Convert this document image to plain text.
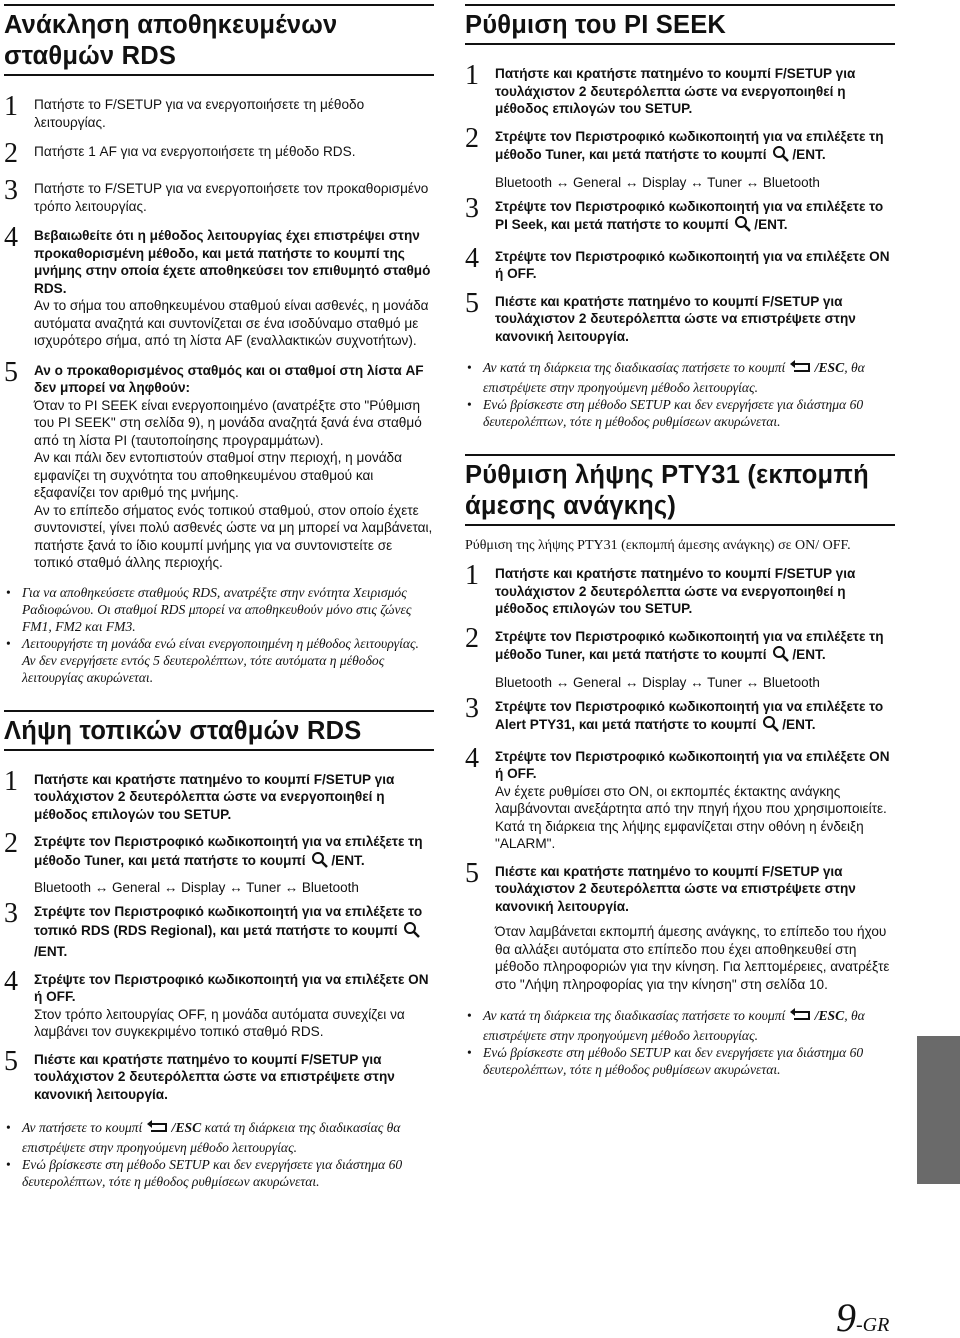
Ανάκληση αποθηκευμένων
σταθμών RDS
1	Πατήστε το F/SETUP για να ενεργοποιήσετε τη μέθοδο λειτουργίας.
2	Πατήστε 1 AF για να ενεργοποιήσετε τη μέθοδο RDS.
3	Πατήστε το F/SETUP για να ενεργοποιήσετε τον προκαθορισμένο τρόπο λειτουργίας.
4	Βεβαιωθείτε ότι η μέθοδος λειτουργίας έχει επιστρέψει στην προκαθορισμένη μέθοδο, και μετά πατήστε το κουμπί της μνήμης στην οποία έχετε αποθηκεύσει τον επιθυμητό σταθμό RDS.
Αν το σήμα του αποθηκευμένου σταθμού είναι ασθενές, η μονάδα αυτόματα αναζητά και συντονίζεται σε ένα ισοδύναμο σταθμό με ισχυρότερο σήμα, από τη λίστα AF (εναλλακτικών συχνοτήτων).
5	Αν ο προκαθορισμένος σταθμός και οι σταθμοί στη λίστα AF δεν μπορεί να ληφθούν:
Όταν το PI SEEK είναι ενεργοποιημένο (ανατρέξτε στο "Ρύθμιση του PI SEEK" στη σελίδα 9), η μονάδα αναζητά ξανά ένα σταθμό από τη λίστα PI (ταυτοποίησης προγραμμάτων).
Αν και πάλι δεν εντοπιστούν σταθμοί στην περιοχή, η μονάδα εμφανίζει τη συχνότητα του αποθηκευμένου σταθμού και εξαφανίζει τον αριθμό της μνήμης.
Αν το επίπεδο σήματος ενός τοπικού σταθμού, στον οποίο έχετε συντονιστεί, γίνει πολύ ασθενές ώστε να μη μπορεί να λαμβάνεται, πατήστε ξανά το ίδιο κουμπί μνήμης για να συντονιστείτε σε τοπικό σταθμό άλλης περιοχής.
• Για να αποθηκεύσετε σταθμούς RDS, ανατρέξτε στην ενότητα Χειρισμός Ραδιοφώνου. Οι σταθμοί RDS μπορεί να αποθηκευθούν μόνο στις ζώνες FM1, FM2 και FM3.
• Λειτουργήστε τη μονάδα ενώ είναι ενεργοποιημένη η μέθοδος λειτουργίας. Αν δεν ενεργήσετε εντός 5 δευτερολέπτων, τότε αυτόματα η μέθοδος λειτουργίας ακυρώνεται.
Λήψη τοπικών σταθμών RDS
1	Πατήστε και κρατήστε πατημένο το κουμπί F/SETUP για τουλάχιστον 2 δευτερόλεπτα ώστε να ενεργοποιηθεί η μέθοδος επιλογών του SETUP.
2	Στρέψτε τον Περιστροφικό κωδικοποιητή για να επιλέξετε τη μέθοδο Tuner, και μετά πατήστε το κουμπί /ENT.
Bluetooth ↔ General ↔ Display ↔ Tuner ↔ Bluetooth
3	Στρέψτε τον Περιστροφικό κωδικοποιητή για να επιλέξετε το τοπικό RDS (RDS Regional), και μετά πατήστε το κουμπί /ENT.
4	Στρέψτε τον Περιστροφικό κωδικοποιητή για να επιλέξετε ON ή OFF.
Στον τρόπο λειτουργίας OFF, η μονάδα αυτόματα συνεχίζει να λαμβάνει τον συγκεκριμένο τοπικό σταθμό RDS.
5	Πιέστε και κρατήστε πατημένο το κουμπί F/SETUP για τουλάχιστον 2 δευτερόλεπτα ώστε να επιστρέψετε στην κανονική λειτουργία.
• Αν πατήσετε το κουμπί /ESC κατά τη διάρκεια της διαδικασίας θα επιστρέψετε στην προηγούμενη μέθοδο λειτουργίας.
• Ενώ βρίσκεστε στη μέθοδο SETUP και δεν ενεργήσετε για διάστημα 60 δευτερολέπτων, τότε η μέθοδος ρυθμίσεων ακυρώνεται.
Ρύθμιση του PI SEEK
1	Πατήστε και κρατήστε πατημένο το κουμπί F/SETUP για τουλάχιστον 2 δευτερόλεπτα ώστε να ενεργοποιηθεί η μέθοδος επιλογών του SETUP.
2	Στρέψτε τον Περιστροφικό κωδικοποιητή για να επιλέξετε τη μέθοδο Tuner, και μετά πατήστε το κουμπί /ENT.
Bluetooth ↔ General ↔ Display ↔ Tuner ↔ Bluetooth
3	Στρέψτε τον Περιστροφικό κωδικοποιητή για να επιλέξετε το PI Seek, και μετά πατήστε το κουμπί /ENT.
4	Στρέψτε τον Περιστροφικό κωδικοποιητή για να επιλέξετε ON ή OFF.
5	Πιέστε και κρατήστε πατημένο το κουμπί F/SETUP για τουλάχιστον 2 δευτερόλεπτα ώστε να επιστρέψετε στην κανονική λειτουργία.
• Αν κατά τη διάρκεια της διαδικασίας πατήσετε το κουμπί /ESC, θα επιστρέψετε στην προηγούμενη μέθοδο λειτουργίας.
• Ενώ βρίσκεστε στη μέθοδο SETUP και δεν ενεργήσετε για διάστημα 60 δευτερολέπτων, τότε η μέθοδος ρυθμίσεων ακυρώνεται.
Ρύθμιση λήψης PTY31 (εκπομπή
άμεσης ανάγκης)
Ρύθμιση της λήψης PTY31 (εκπομπή άμεσης ανάγκης) σε ON/ OFF.
1	Πατήστε και κρατήστε πατημένο το κουμπί F/SETUP για τουλάχιστον 2 δευτερόλεπτα ώστε να ενεργοποιηθεί η μέθοδος επιλογών του SETUP.
2	Στρέψτε τον Περιστροφικό κωδικοποιητή για να επιλέξετε τη μέθοδο Tuner, και μετά πατήστε το κουμπί /ENT.
Bluetooth ↔ General ↔ Display ↔ Tuner ↔ Bluetooth
3	Στρέψτε τον Περιστροφικό κωδικοποιητή για να επιλέξετε το Alert PTY31, και μετά πατήστε το κουμπί /ENT.
4	Στρέψτε τον Περιστροφικό κωδικοποιητή για να επιλέξετε ON ή OFF.
Αν έχετε ρυθμίσει στο ON, οι εκπομπές έκτακτης ανάγκης λαμβάνονται ανεξάρτητα από την πηγή ήχου που χρησιμοποιείτε. Κατά τη διάρκεια της λήψης εμφανίζεται στην οθόνη η ένδειξη "ALARM".
5	Πιέστε και κρατήστε πατημένο το κουμπί F/SETUP για τουλάχιστον 2 δευτερόλεπτα ώστε να επιστρέψετε στην κανονική λειτουργία.
Όταν λαμβάνεται εκπομπή άμεσης ανάγκης, το επίπεδο του ήχου θα αλλάξει αυτόματα στο επίπεδο που έχει αποθηκευθεί στη μέθοδο πληροφοριών για την κίνηση. Για λεπτομέρειες, ανατρέξτε στο "Λήψη πληροφορίας για την κίνηση" στη σελίδα 10.
• Αν κατά τη διάρκεια της διαδικασίας πατήσετε το κουμπί /ESC, θα επιστρέψετε στην προηγούμενη μέθοδο λειτουργίας.
• Ενώ βρίσκεστε στη μέθοδο SETUP και δεν ενεργήσετε για διάστημα 60 δευτερολέπτων, τότε η μέθοδος ρυθμίσεων ακυρώνεται.
9-GR
